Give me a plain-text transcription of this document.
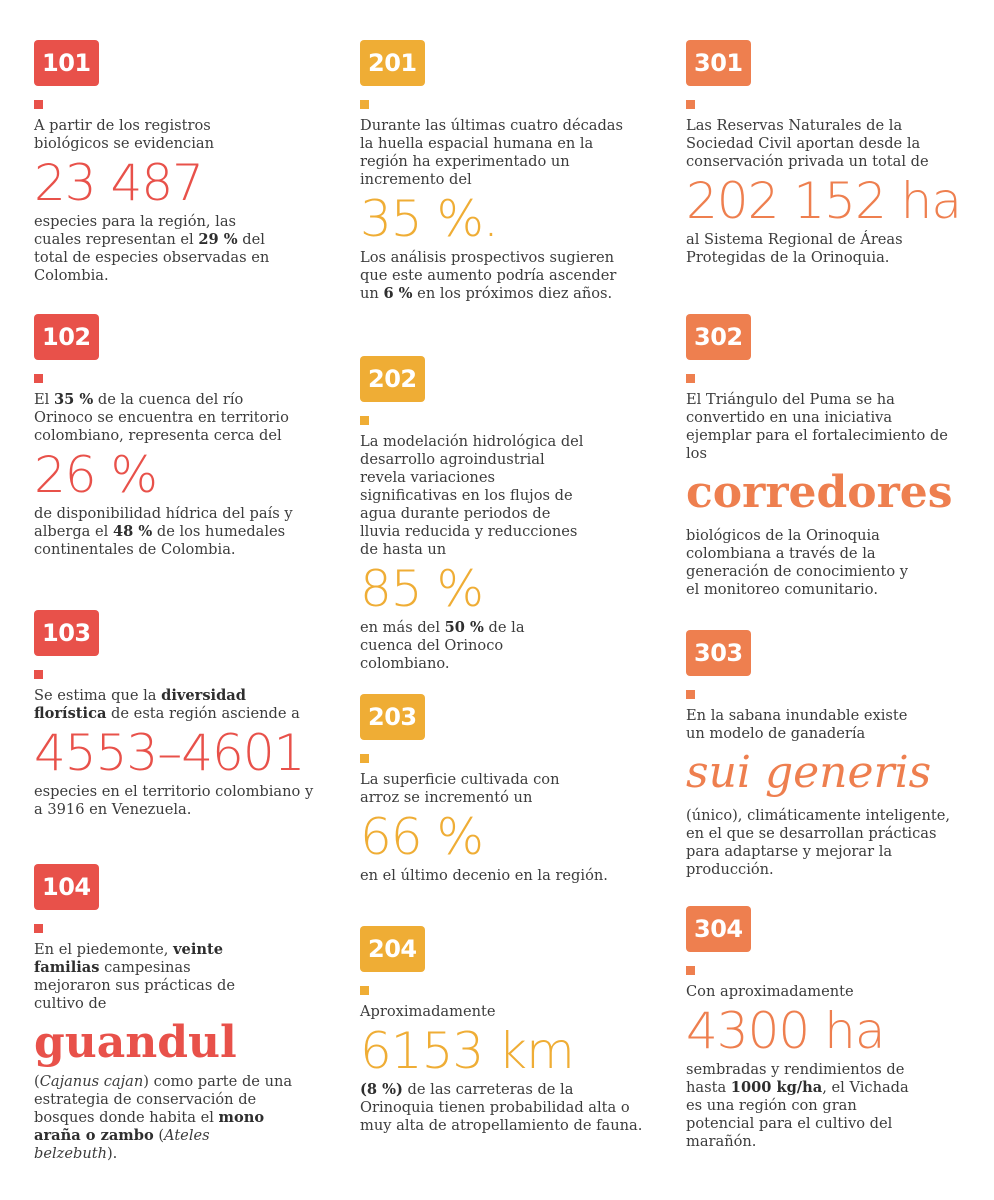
101
A partir de los registros biológicos se evidencian
23 487
especies para la región, las cuales representan el 29 % del total de especies observadas en Colombia.
102
El 35 % de la cuenca del río Orinoco se encuentra en territorio colombiano, representa cerca del
26 %
de disponibilidad hídrica del país y alberga el 48 % de los humedales continentales de Colombia.
103
Se estima que la diversidad florística de esta región asciende a
4553–4601
especies en el territorio colombiano y a 3916 en Venezuela.
104
En el piedemonte, veinte familias campesinas mejoraron sus prácticas de cultivo de
guandul
(Cajanus cajan) como parte de una estrategia de conservación de bosques donde habita el mono araña o zambo (Ateles belzebuth).
201
Durante las últimas cuatro décadas la huella espacial humana en la región ha experimentado un incremento del
35 %.
Los análisis prospectivos sugieren que este aumento podría ascender un 6 % en los próximos diez años.
202
La modelación hidrológica del desarrollo agroindustrial revela variaciones significativas en los flujos de agua durante periodos de lluvia reducida y reducciones de hasta un
85 %
en más del 50 % de la cuenca del Orinoco colombiano.
203
La superficie cultivada con arroz se incrementó un
66 %
en el último decenio en la región.
204
Aproximadamente
6153 km
(8 %) de las carreteras de la Orinoquia tienen probabilidad alta o muy alta de atropellamiento de fauna.
301
Las Reservas Naturales de la Sociedad Civil aportan desde la conservación privada un total de
202 152 ha
al Sistema Regional de Áreas Protegidas de la Orinoquia.
302
El Triángulo del Puma se ha convertido en una iniciativa ejemplar para el fortalecimiento de los
corredores
biológicos de la Orinoquia colombiana a través de la generación de conocimiento y el monitoreo comunitario.
303
En la sabana inundable existe un modelo de ganadería
sui generis
(único), climáticamente inteligente, en el que se desarrollan prácticas para adaptarse y mejorar la producción.
304
Con aproximadamente
4300 ha
sembradas y rendimientos de hasta 1000 kg/ha, el Vichada es una región con gran potencial para el cultivo del marañón.
